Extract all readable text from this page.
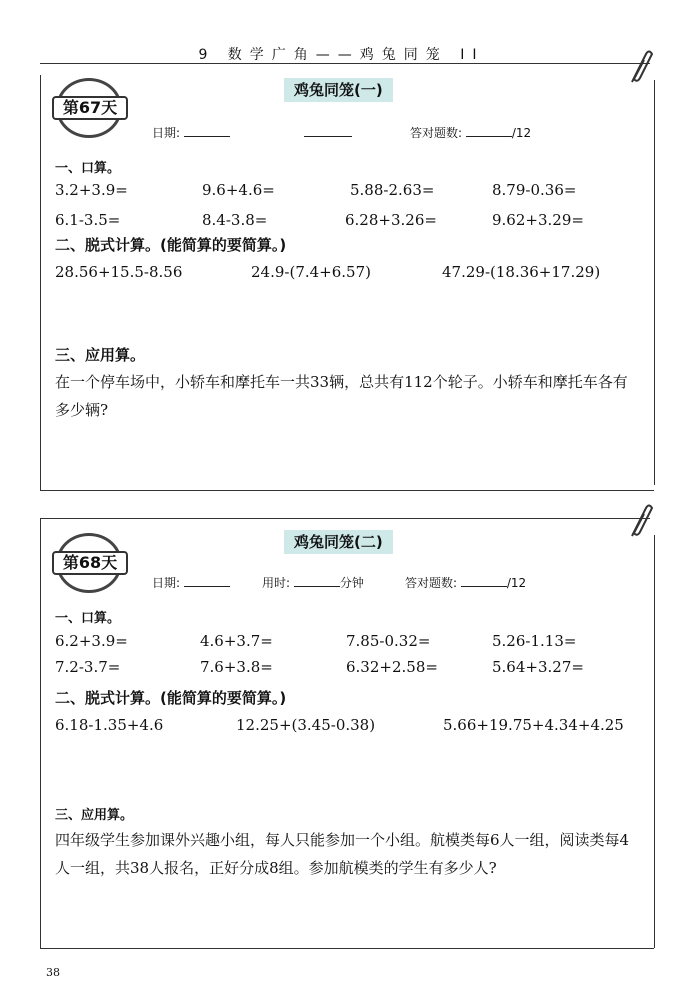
9 数学广角——鸡兔同笼 II
第67天
鸡兔同笼(一)
日期:	答对题数:	/12
一、口算。
3.2+3.9=	9.6+4.6=	5.88-2.63=	8.79-0.36=
6.1-3.5=	8.4-3.8=	6.28+3.26=	9.62+3.29=
二、脱式计算。(能简算的要简算。)
28.56+15.5-8.56	24.9-(7.4+6.57)	47.29-(18.36+17.29)
三、应用算。
在一个停车场中，小轿车和摩托车一共33辆，总共有112个轮子。小轿车和摩托车各有多少辆?
第68天
鸡兔同笼(二)
日期:	用时:	分钟	答对题数:	/12
一、口算。
6.2+3.9=	4.6+3.7=	7.85-0.32=	5.26-1.13=
7.2-3.7=	7.6+3.8=	6.32+2.58=	5.64+3.27=
二、脱式计算。(能简算的要简算。)
6.18-1.35+4.6	12.25+(3.45-0.38)	5.66+19.75+4.34+4.25
三、应用算。
四年级学生参加课外兴趣小组，每人只能参加一个小组。航模类每6人一组，阅读类每4人一组，共38人报名，正好分成8组。参加航模类的学生有多少人?
38
